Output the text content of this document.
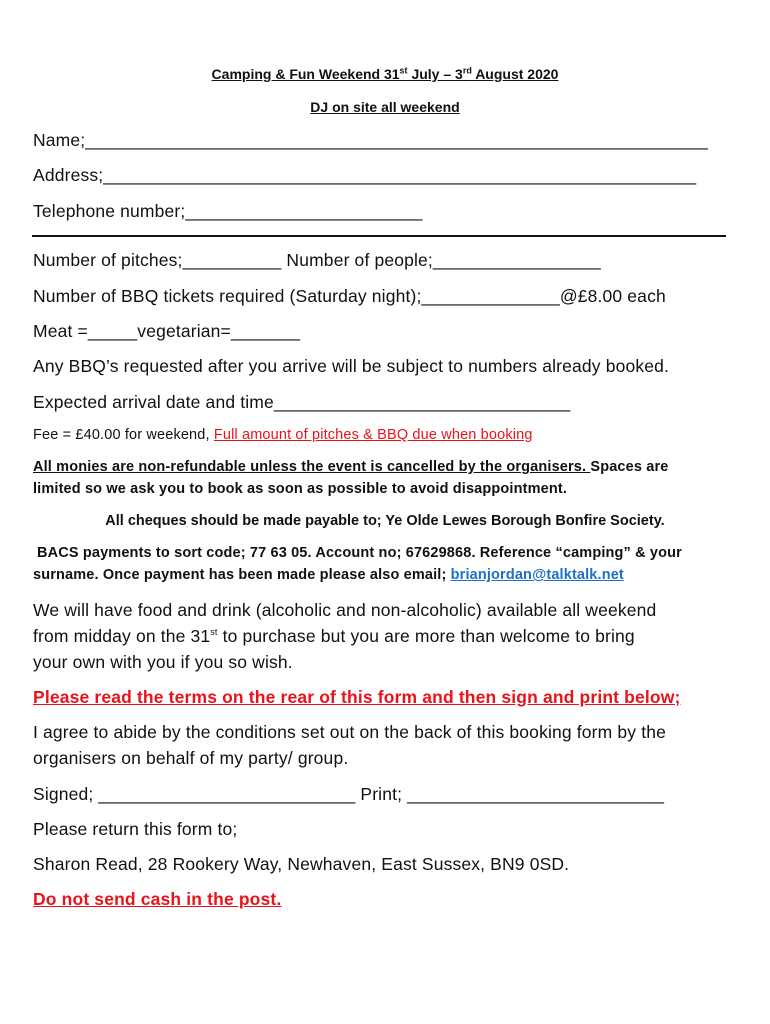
Camping & Fun Weekend 31st July – 3rd August 2020
DJ on site all weekend
Name;_______________________________________________________________
Address;____________________________________________________________
Telephone number;________________________
Number of pitches;__________ Number of people;_________________
Number of BBQ tickets required (Saturday night);______________@£8.00 each
Meat =_____vegetarian=_______
Any BBQ’s requested after you arrive will be subject to numbers already booked.
Expected arrival date and time______________________________
Fee = £40.00 for weekend, Full amount of pitches & BBQ due when booking
All monies are non-refundable unless the event is cancelled by the organisers. Spaces are
limited so we ask you to book as soon as possible to avoid disappointment.
All cheques should be made payable to; Ye Olde Lewes Borough Bonfire Society.
BACS payments to sort code; 77 63 05. Account no; 67629868. Reference “camping” & your
surname. Once payment has been made please also email; brianjordan@talktalk.net
We will have food and drink (alcoholic and non-alcoholic) available all weekend
from midday on the 31st to purchase but you are more than welcome to bring
your own with you if you so wish.
Please read the terms on the rear of this form and then sign and print below;
I agree to abide by the conditions set out on the back of this booking form by the
organisers on behalf of my party/ group.
Signed; __________________________ Print; __________________________
Please return this form to;
Sharon Read, 28 Rookery Way, Newhaven, East Sussex, BN9 0SD.
Do not send cash in the post.
